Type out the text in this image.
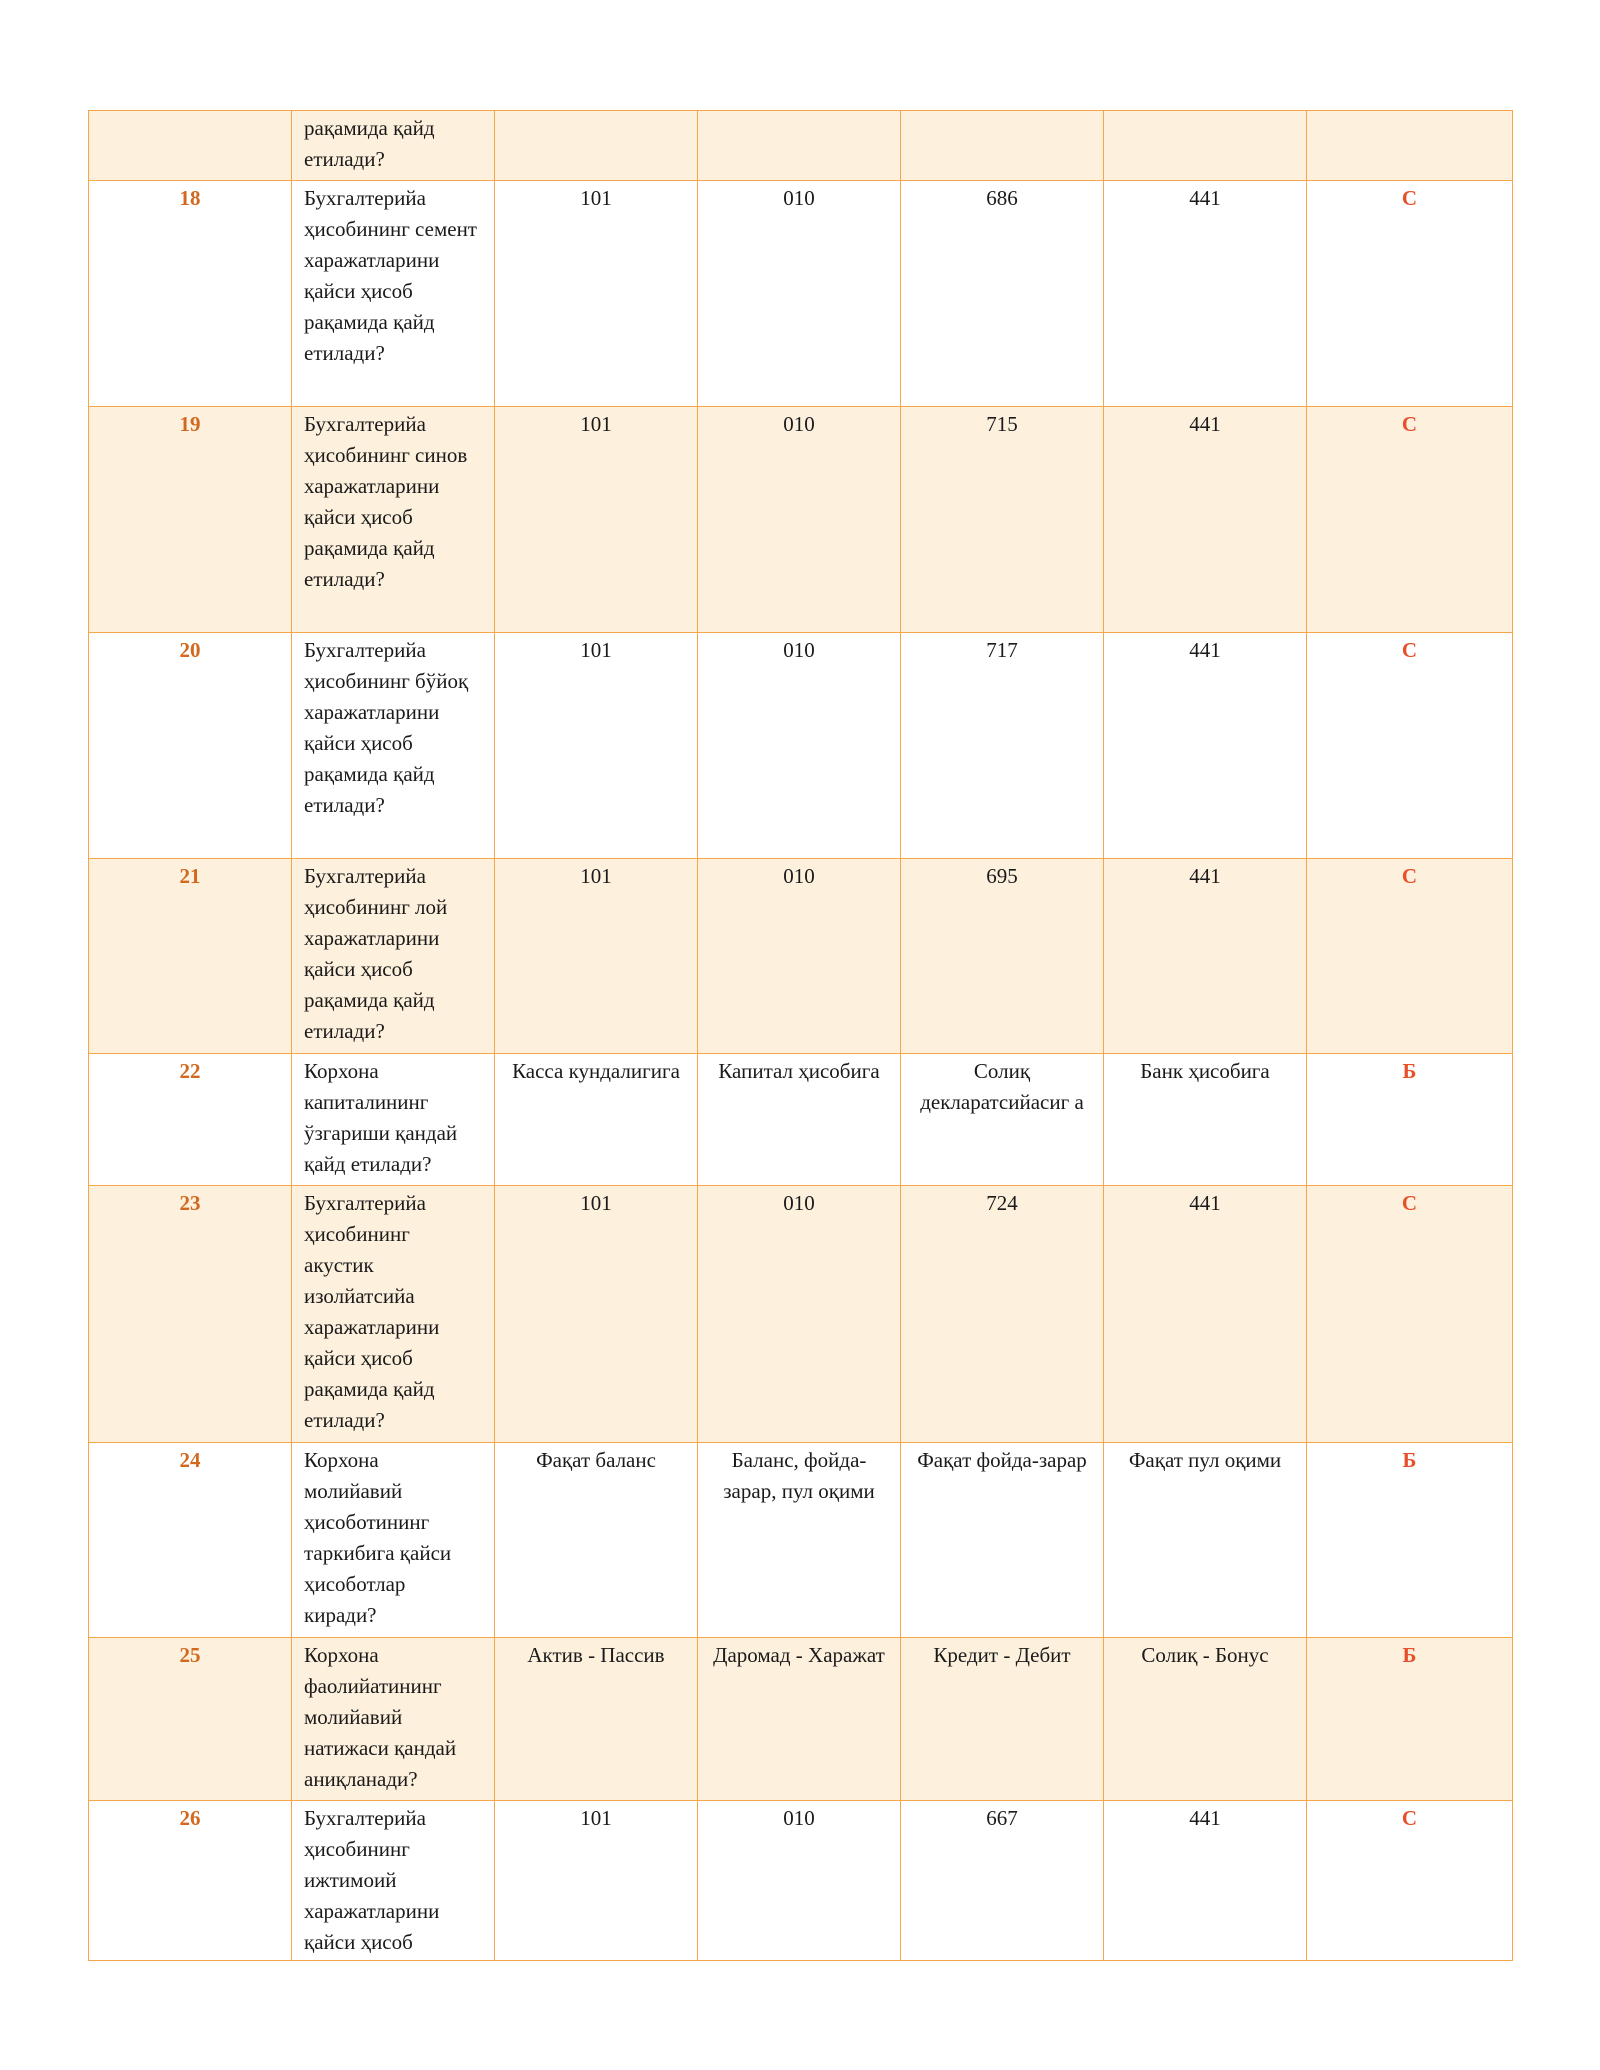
	рақамида қайд етилади?					
18	Бухгалтерийа ҳисобининг семент харажатларини қайси ҳисоб рақамида қайд етилади?	101	010	686	441	С
19	Бухгалтерийа ҳисобининг синов харажатларини қайси ҳисоб рақамида қайд етилади?	101	010	715	441	С
20	Бухгалтерийа ҳисобининг бўйоқ харажатларини қайси ҳисоб рақамида қайд етилади?	101	010	717	441	С
21	Бухгалтерийа ҳисобининг лой харажатларини қайси ҳисоб рақамида қайд етилади?	101	010	695	441	С
22	Корхона капиталининг ўзгариши қандай қайд етилади?	Касса кундалигига	Капитал ҳисобига	Солиқ декларатсийасиг а	Банк ҳисобига	Б
23	Бухгалтерийа ҳисобининг акустик изолйатсийа харажатларини қайси ҳисоб рақамида қайд етилади?	101	010	724	441	С
24	Корхона молийавий ҳисоботининг таркибига қайси ҳисоботлар киради?	Фақат баланс	Баланс, фойда-зарар, пул оқими	Фақат фойда-зарар	Фақат пул оқими	Б
25	Корхона фаолийатининг молийавий натижаси қандай аниқланади?	Актив - Пассив	Даромад - Харажат	Кредит - Дебит	Солиқ - Бонус	Б
26	Бухгалтерийа ҳисобининг ижтимоий харажатларини қайси ҳисоб	101	010	667	441	С
